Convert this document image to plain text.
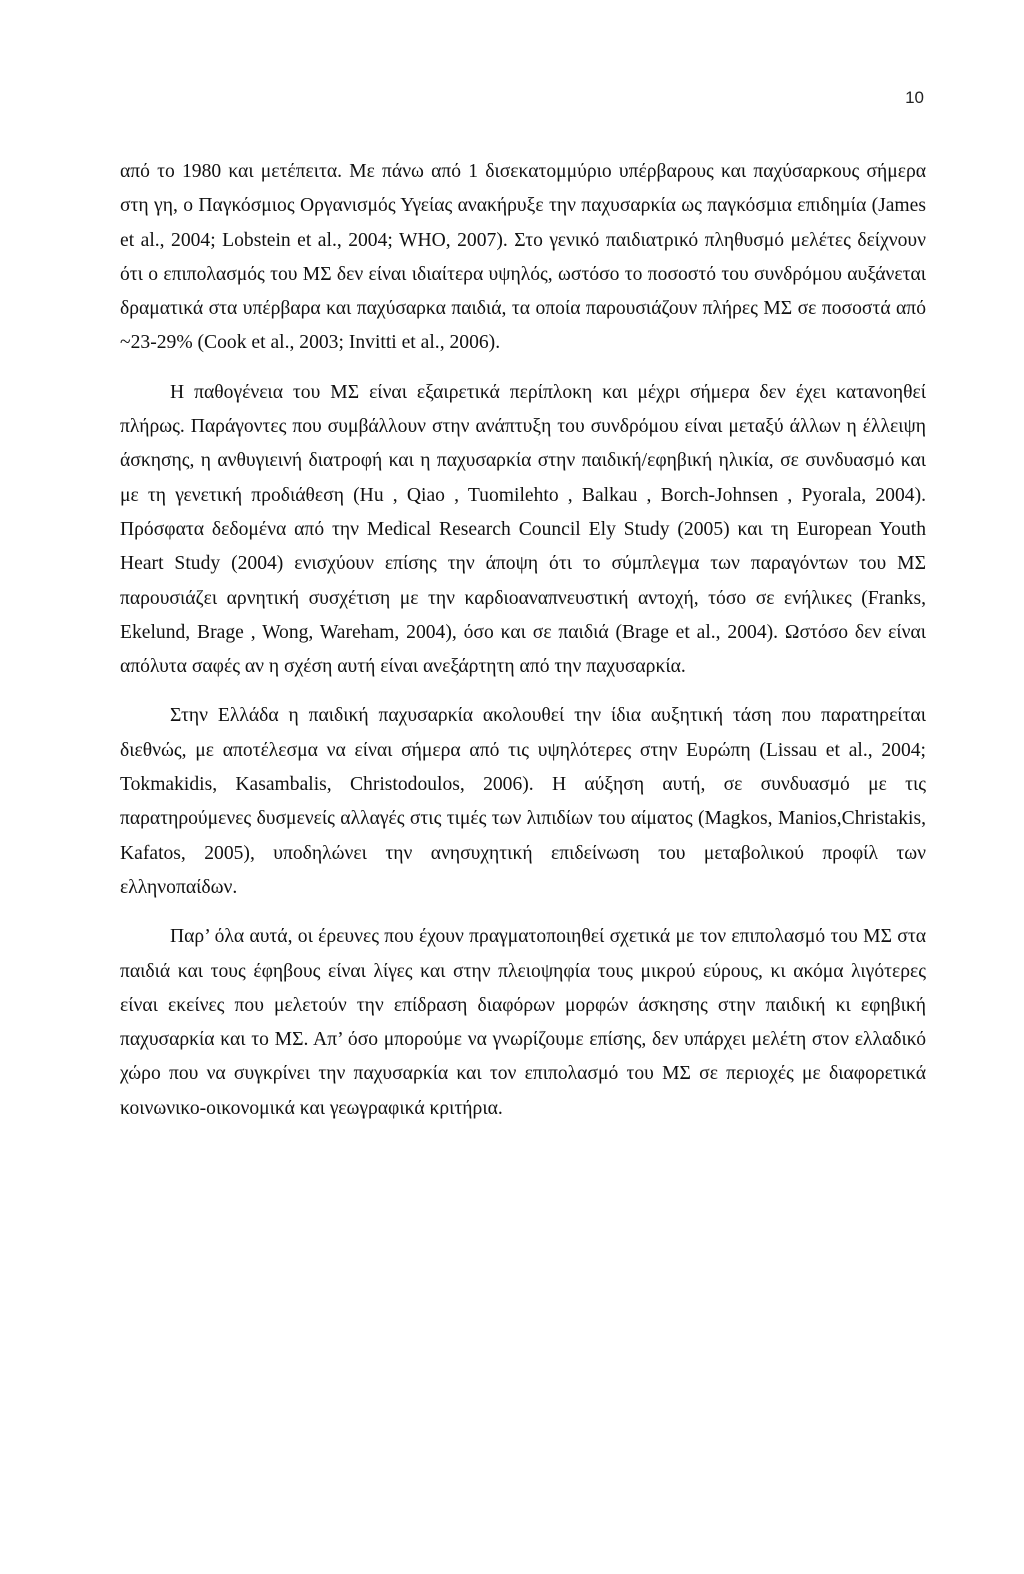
10

από το 1980 και μετέπειτα. Με πάνω από 1 δισεκατομμύριο υπέρβαρους και παχύσαρκους σήμερα στη γη, ο Παγκόσμιος Οργανισμός Υγείας ανακήρυξε την παχυσαρκία ως παγκόσμια επιδημία (James et al., 2004; Lobstein et al., 2004; WHO, 2007). Στο γενικό παιδιατρικό πληθυσμό μελέτες δείχνουν ότι ο επιπολασμός του ΜΣ δεν είναι ιδιαίτερα υψηλός, ωστόσο το ποσοστό του συνδρόμου αυξάνεται δραματικά στα υπέρβαρα και παχύσαρκα παιδιά, τα οποία παρουσιάζουν πλήρες ΜΣ σε ποσοστά από ~23-29% (Cook et al., 2003; Invitti et al., 2006).

Η παθογένεια του ΜΣ είναι εξαιρετικά περίπλοκη και μέχρι σήμερα δεν έχει κατανοηθεί πλήρως. Παράγοντες που συμβάλλουν στην ανάπτυξη του συνδρόμου είναι μεταξύ άλλων η έλλειψη άσκησης, η ανθυγιεινή διατροφή και η παχυσαρκία στην παιδική/εφηβική ηλικία, σε συνδυασμό και με τη γενετική προδιάθεση (Hu , Qiao , Tuomilehto , Balkau , Borch-Johnsen , Pyorala, 2004). Πρόσφατα δεδομένα από την Medical Research Council Ely Study (2005) και τη European Youth Heart Study (2004) ενισχύουν επίσης την άποψη ότι το σύμπλεγμα των παραγόντων του ΜΣ παρουσιάζει αρνητική συσχέτιση με την καρδιοαναπνευστική αντοχή, τόσο σε ενήλικες (Franks, Ekelund, Brage , Wong, Wareham, 2004), όσο και σε παιδιά (Brage et al., 2004). Ωστόσο δεν είναι απόλυτα σαφές αν η σχέση αυτή είναι ανεξάρτητη από την παχυσαρκία.

Στην Ελλάδα η παιδική παχυσαρκία ακολουθεί την ίδια αυξητική τάση που παρατηρείται διεθνώς, με αποτέλεσμα να είναι σήμερα από τις υψηλότερες στην Ευρώπη (Lissau et al., 2004; Tokmakidis, Kasambalis, Christodoulos, 2006). Η αύξηση αυτή, σε συνδυασμό με τις παρατηρούμενες δυσμενείς αλλαγές στις τιμές των λιπιδίων του αίματος (Magkos, Manios,Christakis, Kafatos, 2005), υποδηλώνει την ανησυχητική επιδείνωση του μεταβολικού προφίλ των ελληνοπαίδων.

Παρ’ όλα αυτά, οι έρευνες που έχουν πραγματοποιηθεί σχετικά με τον επιπολασμό του ΜΣ στα παιδιά και τους έφηβους είναι λίγες και στην πλειοψηφία τους μικρού εύρους, κι ακόμα λιγότερες είναι εκείνες που μελετούν την επίδραση διαφόρων μορφών άσκησης στην παιδική κι εφηβική παχυσαρκία και το ΜΣ. Απ’ όσο μπορούμε να γνωρίζουμε επίσης, δεν υπάρχει μελέτη στον ελλαδικό χώρο που να συγκρίνει την παχυσαρκία και τον επιπολασμό του ΜΣ σε περιοχές με διαφορετικά κοινωνικο-οικονομικά και γεωγραφικά κριτήρια.
